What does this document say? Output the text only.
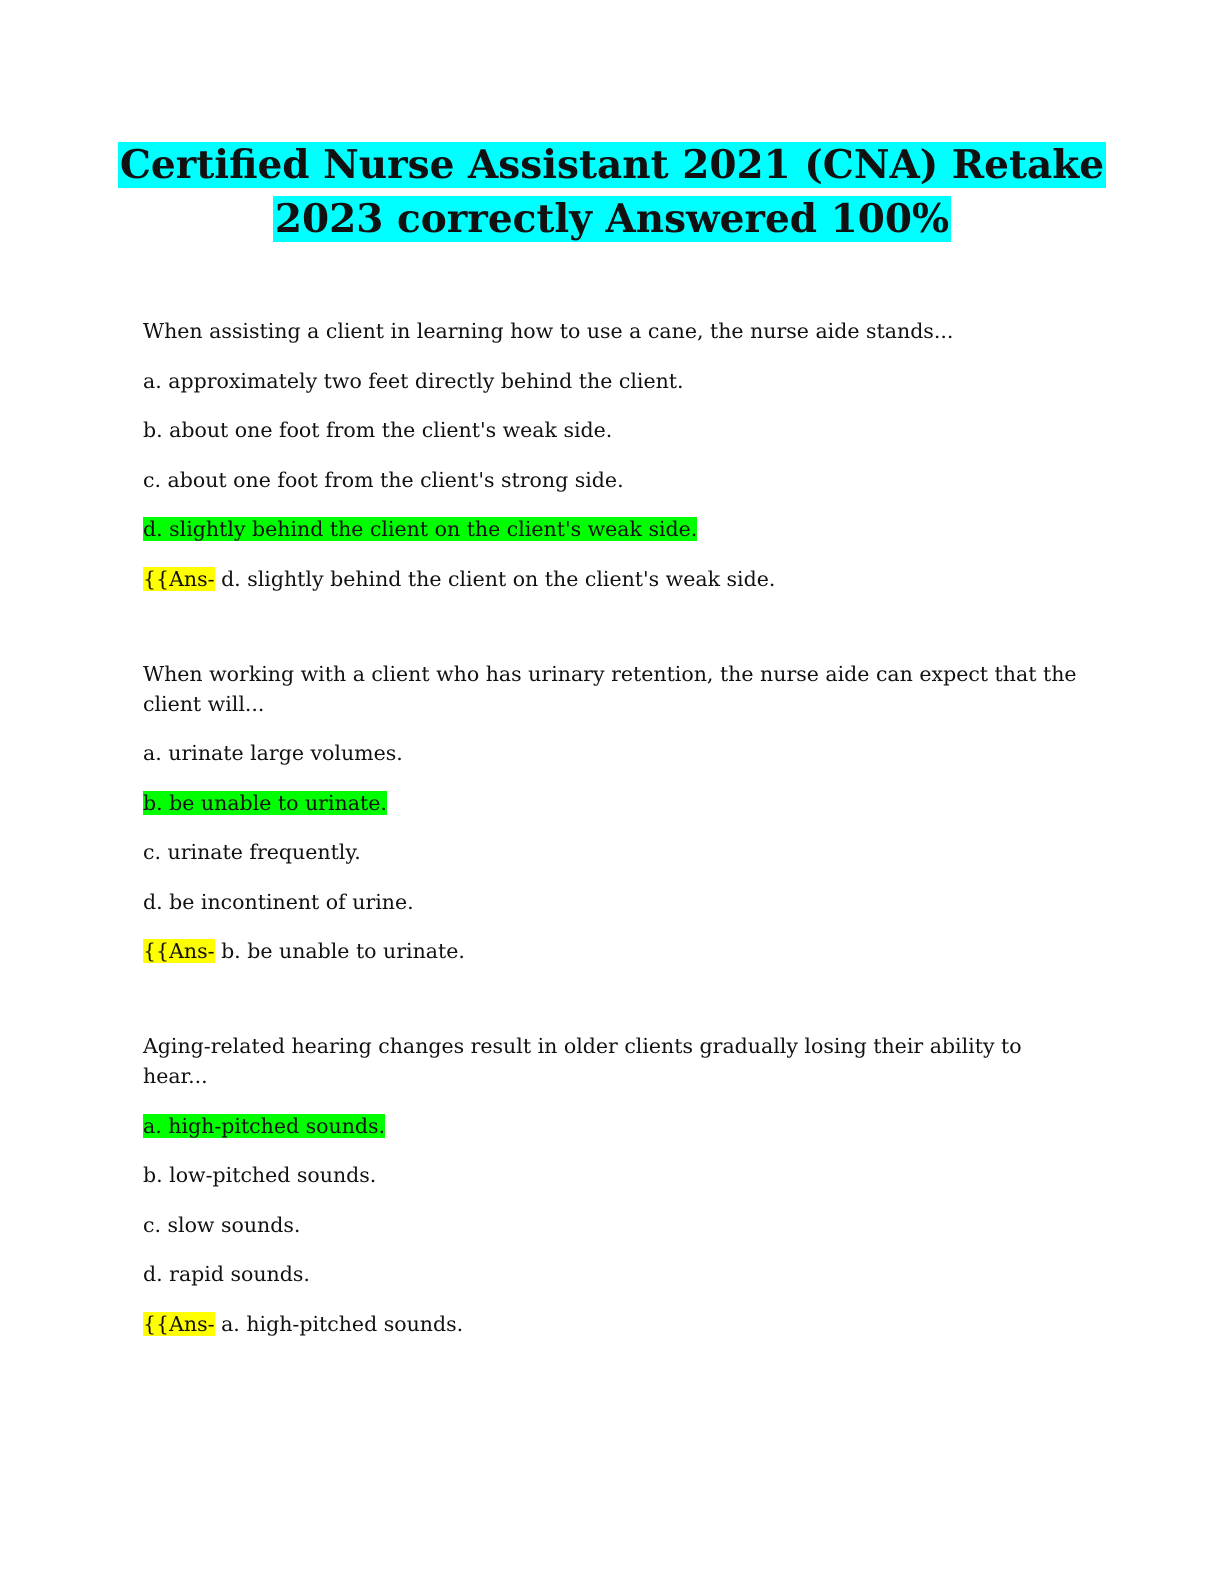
Certified Nurse Assistant 2021 (CNA) Retake
2023 correctly Answered 100%

When assisting a client in learning how to use a cane, the nurse aide stands...

a. approximately two feet directly behind the client.

b. about one foot from the client's weak side.

c. about one foot from the client's strong side.

d. slightly behind the client on the client's weak side.

{{Ans- d. slightly behind the client on the client's weak side.

When working with a client who has urinary retention, the nurse aide can expect that the client will...

a. urinate large volumes.

b. be unable to urinate.

c. urinate frequently.

d. be incontinent of urine.

{{Ans- b. be unable to urinate.

Aging-related hearing changes result in older clients gradually losing their ability to hear...

a. high-pitched sounds.

b. low-pitched sounds.

c. slow sounds.

d. rapid sounds.

{{Ans- a. high-pitched sounds.
